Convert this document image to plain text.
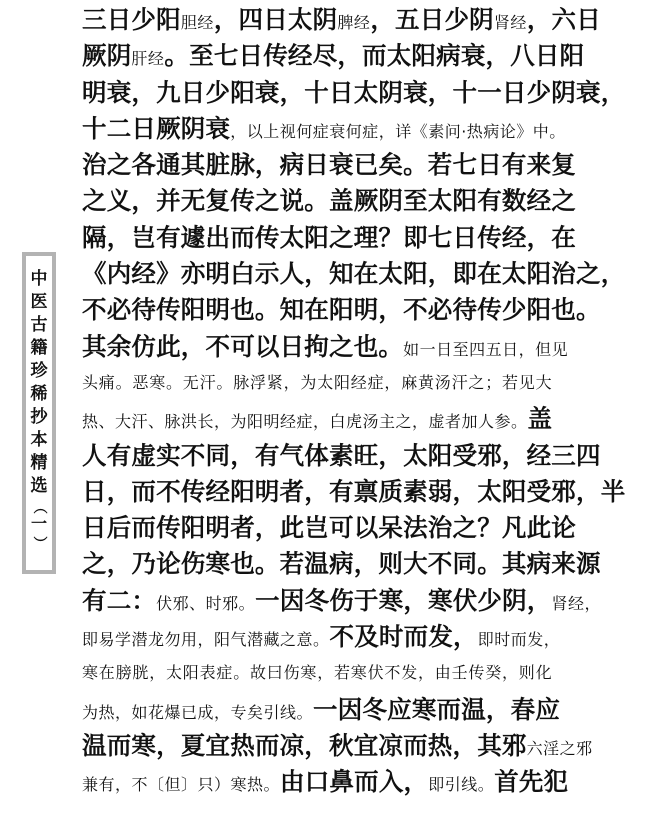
中
医
古
籍
珍
稀
抄
本
精
选
（
一
）
三日少阳胆经，四日太阴脾经，五日少阴肾经，六日
厥阴肝经。至七日传经尽，而太阳病衰，八日阳
明衰，九日少阳衰，十日太阴衰，十一日少阴衰，
十二日厥阴衰，以上视何症衰何症，详《素问·热病论》中。
治之各通其脏脉，病日衰已矣。若七日有来复
之义，并无复传之说。盖厥阴至太阳有数经之
隔，岂有遽出而传太阳之理？即七日传经，在
《内经》亦明白示人，知在太阳，即在太阳治之，
不必待传阳明也。知在阳明，不必待传少阳也。
其余仿此，不可以日拘之也。如一日至四五日，但见
头痛。恶寒。无汗。脉浮紧，为太阳经症，麻黄汤汗之；若见大
热、大汗、脉洪长，为阳明经症，白虎汤主之，虚者加人参。盖
人有虚实不同，有气体素旺，太阳受邪，经三四
日，而不传经阳明者，有禀质素弱，太阳受邪，半
日后而传阳明者，此岂可以呆法治之？凡此论
之，乃论伤寒也。若温病，则大不同。其病来源
有二：伏邪、时邪。一因冬伤于寒，寒伏少阴，肾经，
即易学潜龙勿用，阳气潜藏之意。不及时而发，即时而发，
寒在膀胱，太阳表症。故曰伤寒，若寒伏不发，由壬传癸，则化
为热，如花爆已成，专矣引线。一因冬应寒而温，春应
温而寒，夏宜热而凉，秋宜凉而热，其邪六淫之邪
兼有，不〔但〕只）寒热。由口鼻而入，即引线。首先犯
